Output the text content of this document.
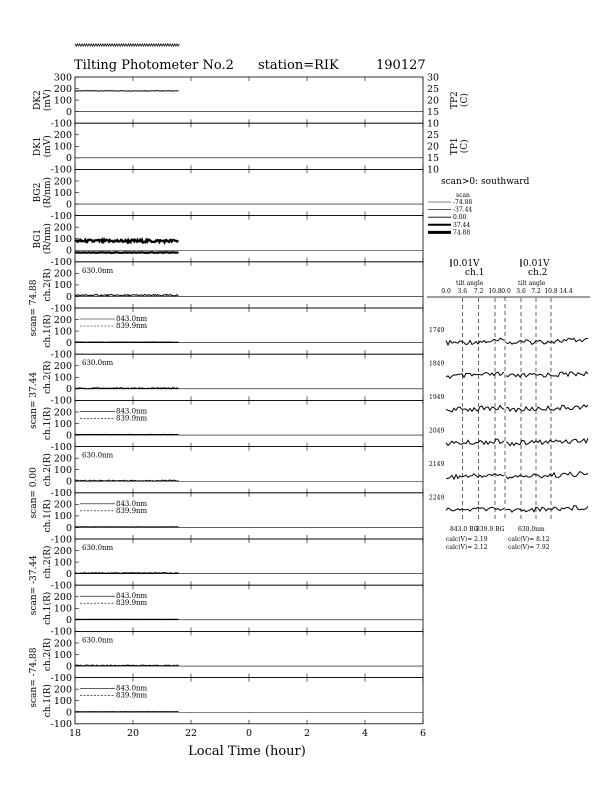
Tilting Photometer No.2 station=RIK	190127
300
200
100
0
-100
30
25
20
15
10
TP2(C)
DK2(mV)
200
100
0
-100
25
20
15
10
TP1(C)
DK1(mV)
200
100
0
-100
BG2(R/nm)
200
100
0
-100
BG1(R/nm)
200
100
0
-100
ch.2(R)	630.0nm
200
100
0
-100
ch.1(R)	843.0nm
839.9nm
200
100
0
-100
ch.2(R)	630.0nm
200
100
0
-100
ch.1(R)	843.0nm
839.9nm
200
100
0
-100
ch.2(R)	630.0nm
200
100
0
-100
ch.1(R)	843.0nm
839.9nm
200
100
0
-100
ch.2(R)	630.0nm
200
100
0
-100
ch.1(R)	843.0nm
839.9nm
200
100
0
-100
ch.2(R)	630.0nm
200
100
0
-100
ch.1(R)	843.0nm
839.9nm
scan= 74.88
scan= 37.44
scan= 0.00
scan= -37.44
scan= -74.88
18	20	22	0	2	4	6
Local Time (hour)
scan>0: southward
scan
-74.88
-37.44
0.00
37.44
74.88
0.01V
ch.1
tilt angle
0.01V
ch.2
tilt angle
843.0 BG
839.9 BG 630.0nm
calc(V)= 2.19
calc(V)= 2.12
calc(V)= 8.12
calc(V)= 7.92
0.0 3.6 7.2 10.8 0.0 3.6 7.2 10.8 14.4
1749
1849
1949
2049
2149
2249
